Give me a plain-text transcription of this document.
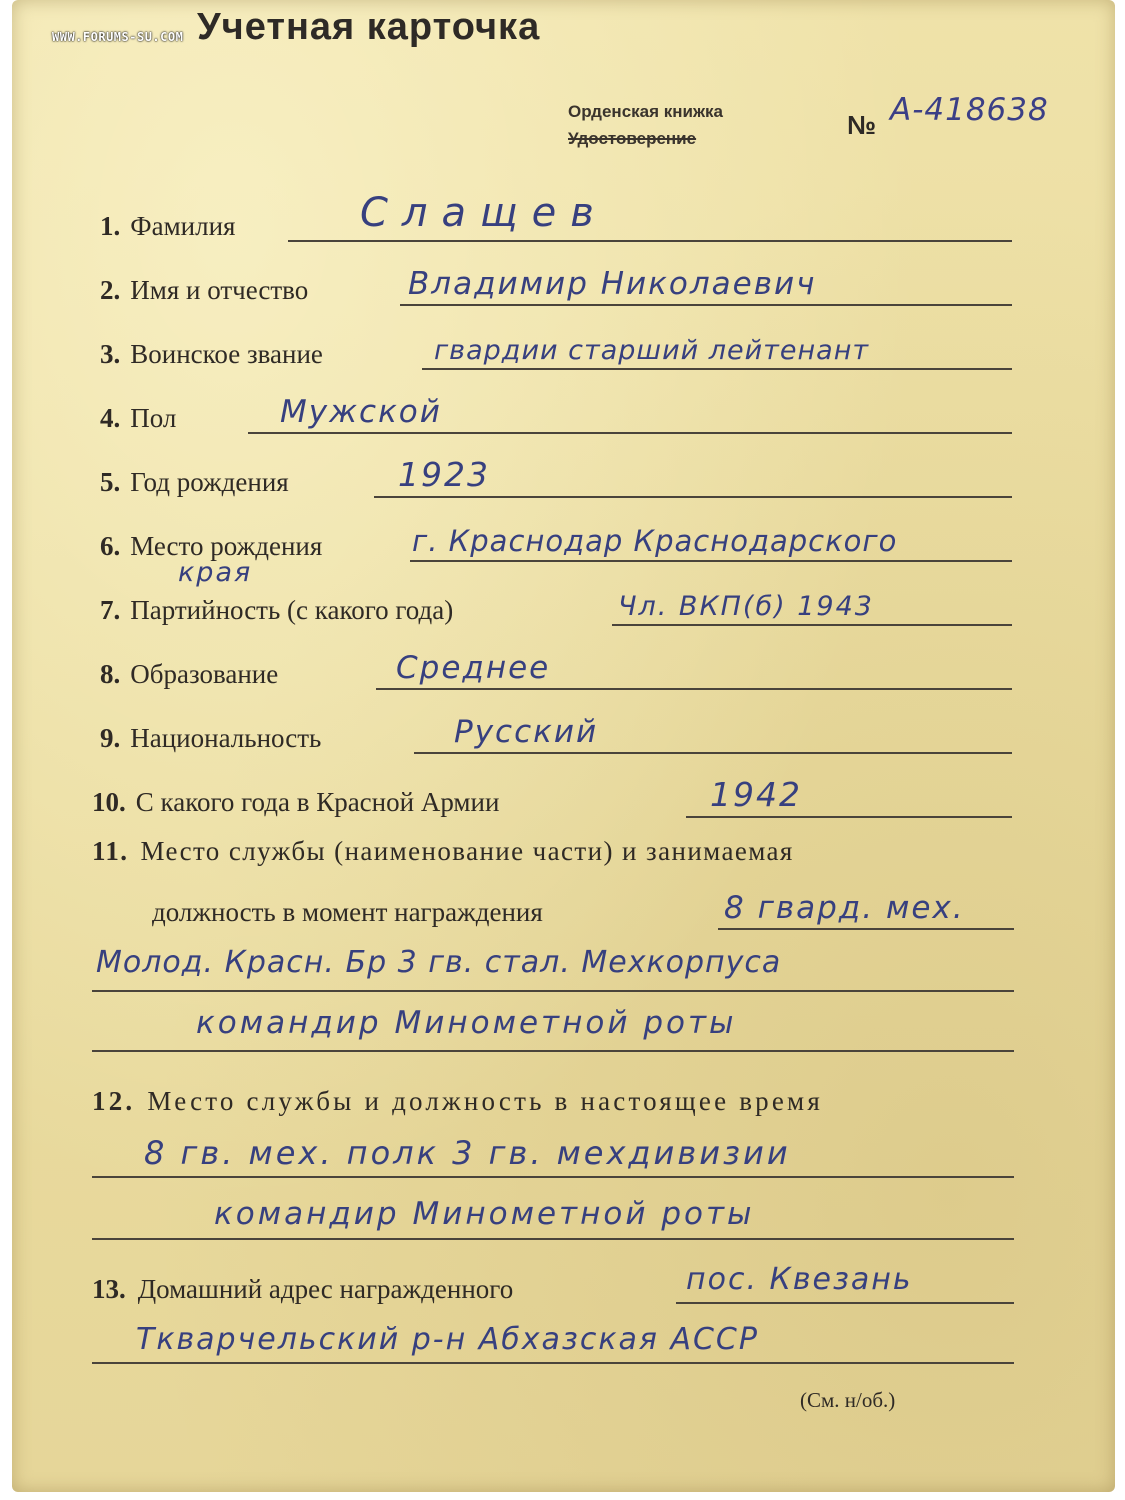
WWW.FORUMS-SU.COM Учетная карточка
Орденская книжка
Удостоверение	№ А-418638
1. Фамилия	Слащев
2. Имя и отчество	Владимир Николаевич
3. Воинское звание	гвардии старший лейтенант
4. Пол	Мужской
5. Год рождения	1923
6. Место рождения	г. Краснодар Краснодарского
края
7. Партийность (с какого года)	Чл. ВКП(б) 1943
8. Образование	Среднее
9. Национальность	Русский
10. С какого года в Красной Армии	1942
11. Место службы (наименование части) и занимаемая
должность в момент награждения	8 гвард. мех.
Молод. Красн. Бр 3 гв. стал. Мехкорпуса
командир Минометной роты
12. Место службы и должность в настоящее время
8 гв. мех. полк 3 гв. мехдивизии
командир Минометной роты
13. Домашний адрес награжденного	пос. Квезань
Ткварчельский р-н Абхазская АССР
(См. н/об.)
